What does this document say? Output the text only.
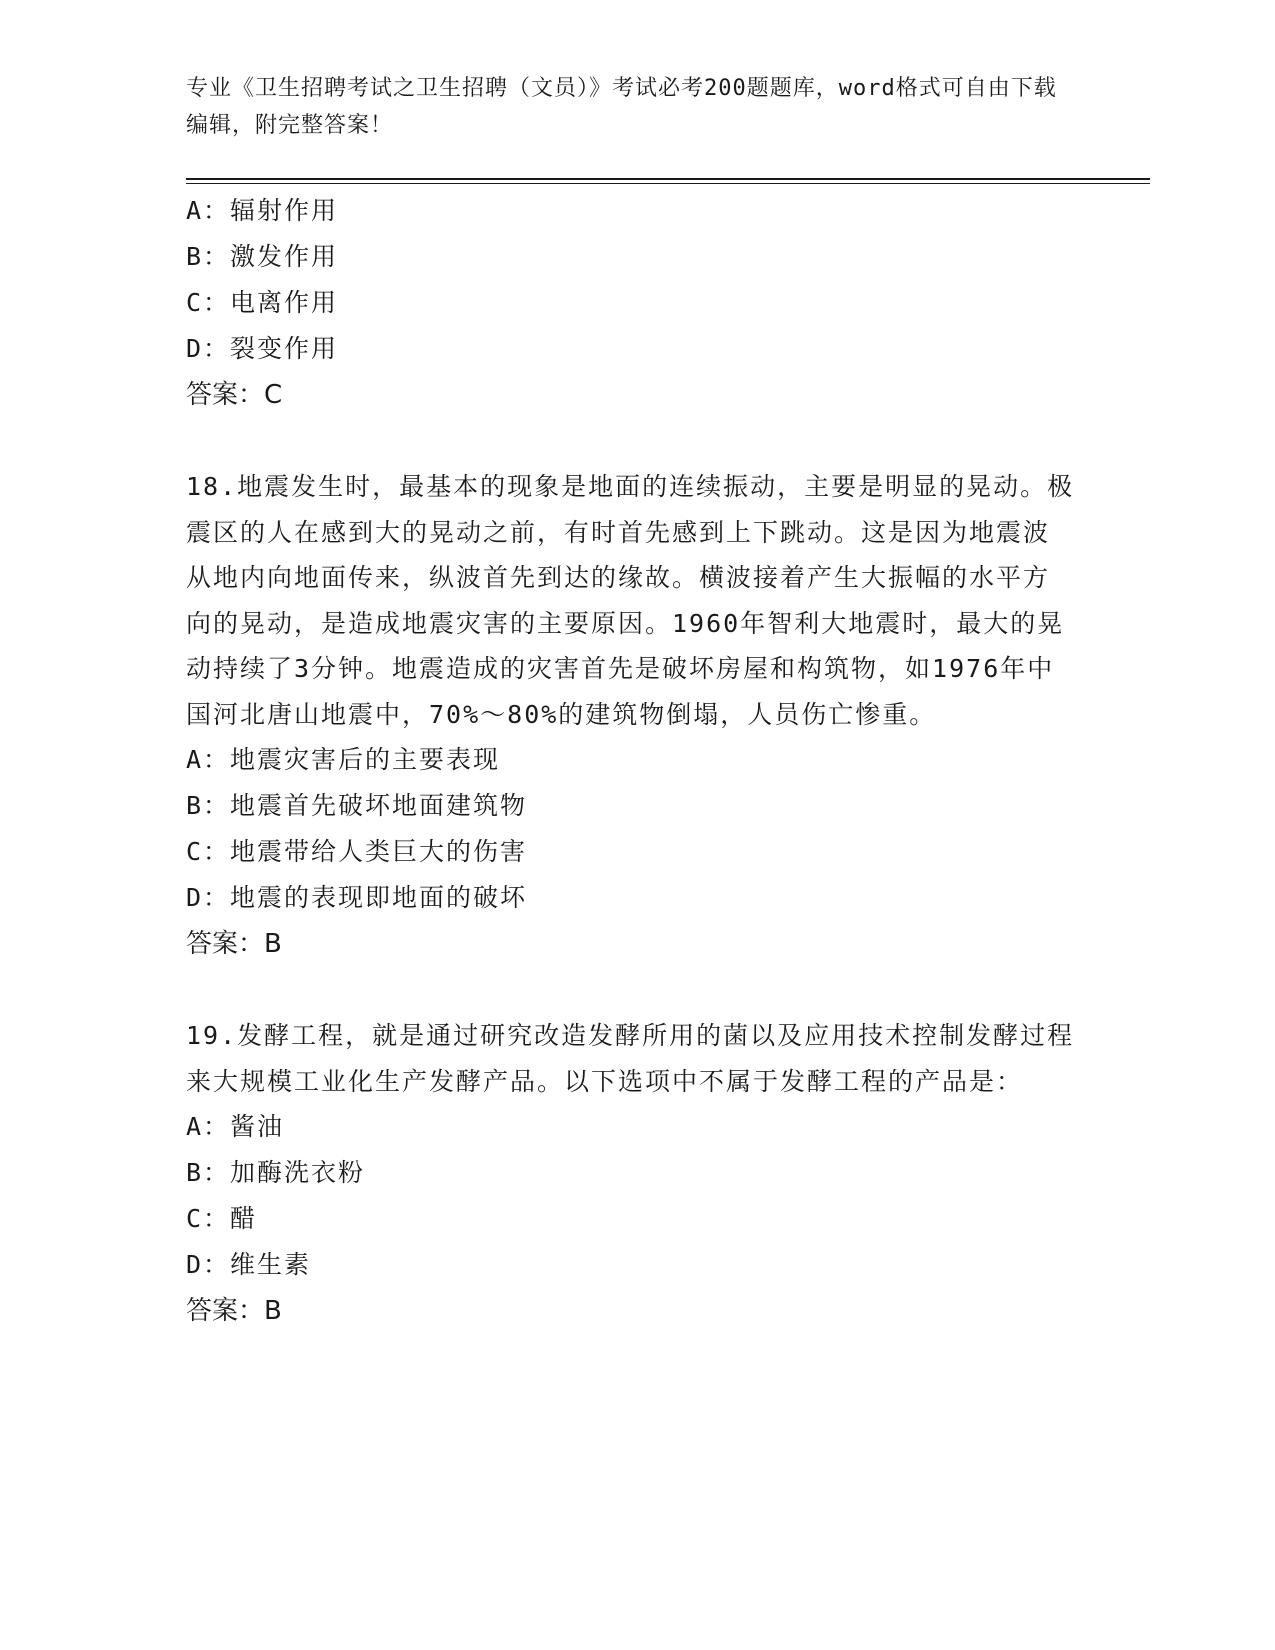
专业《卫生招聘考试之卫生招聘（文员）》考试必考200题题库，word格式可自由下载编辑，附完整答案！
A：辐射作用
B：激发作用
C：电离作用
D：裂变作用
答案：C
18.地震发生时，最基本的现象是地面的连续振动，主要是明显的晃动。极震区的人在感到大的晃动之前，有时首先感到上下跳动。这是因为地震波从地内向地面传来，纵波首先到达的缘故。横波接着产生大振幅的水平方向的晃动，是造成地震灾害的主要原因。1960年智利大地震时，最大的晃动持续了3分钟。地震造成的灾害首先是破坏房屋和构筑物，如1976年中国河北唐山地震中，70%～80%的建筑物倒塌，人员伤亡惨重。
A：地震灾害后的主要表现
B：地震首先破坏地面建筑物
C：地震带给人类巨大的伤害
D：地震的表现即地面的破坏
答案：B
19.发酵工程，就是通过研究改造发酵所用的菌以及应用技术控制发酵过程来大规模工业化生产发酵产品。以下选项中不属于发酵工程的产品是：
A：酱油
B：加酶洗衣粉
C：醋
D：维生素
答案：B
